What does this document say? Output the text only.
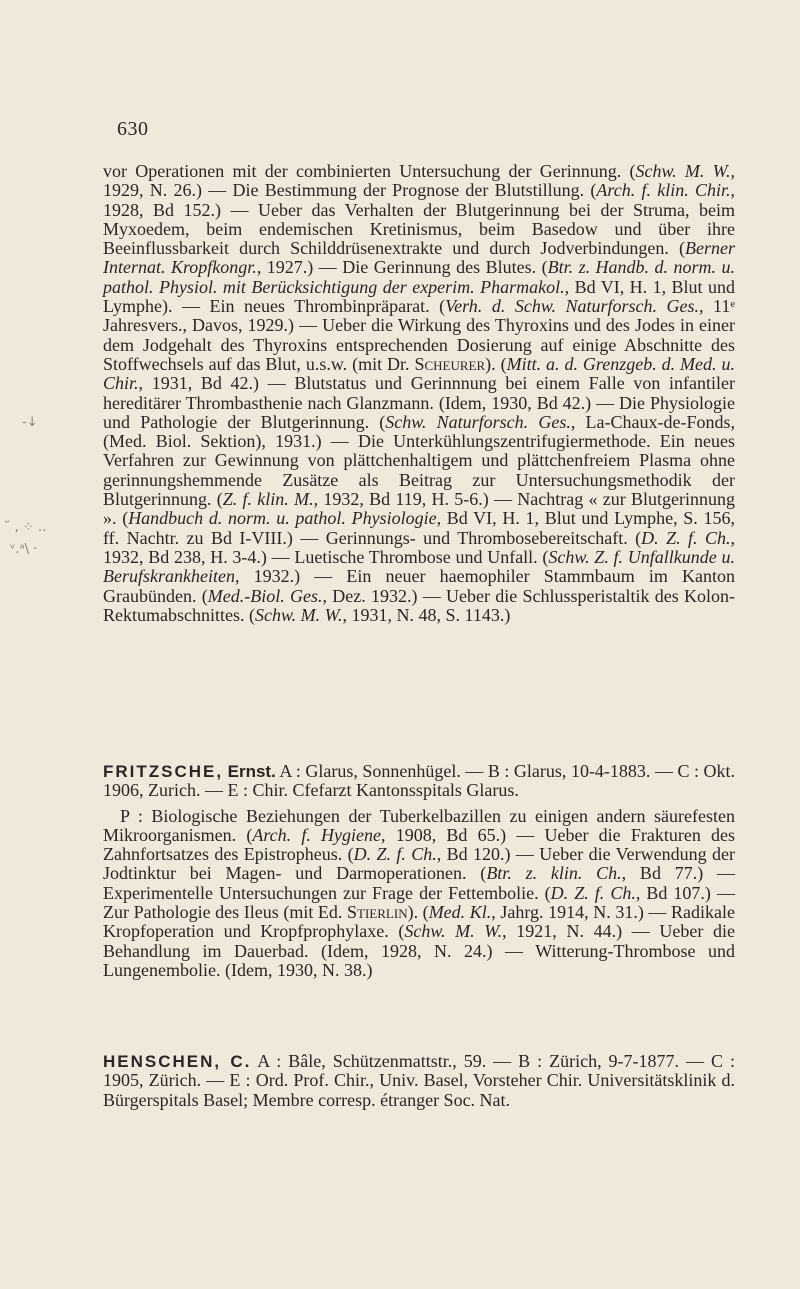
630
-↓
˘ , ⁘ ‥
ᵛ.ᵃ\ ·

vor Operationen mit der combinierten Untersuchung der Gerinnung. (Schw. M. W., 1929, N. 26.) — Die Bestimmung der Prognose der Blutstillung. (Arch. f. klin. Chir., 1928, Bd 152.) — Ueber das Verhalten der Blutgerinnung bei der Struma, beim Myxoedem, beim endemischen Kretinismus, beim Basedow und über ihre Beeinflussbarkeit durch Schilddrüsenextrakte und durch Jodverbindungen. (Berner Internat. Kropfkongr., 1927.) — Die Gerinnung des Blutes. (Btr. z. Handb. d. norm. u. pathol. Physiol. mit Berücksichtigung der experim. Pharmakol., Bd VI, H. 1, Blut und Lymphe). — Ein neues Thrombinpräparat. (Verh. d. Schw. Naturforsch. Ges., 11ᵉ Jahresvers., Davos, 1929.) — Ueber die Wirkung des Thyroxins und des Jodes in einer dem Jodgehalt des Thyroxins entsprechenden Dosierung auf einige Abschnitte des Stoffwechsels auf das Blut, u.s.w. (mit Dr. Scheurer). (Mitt. a. d. Grenzgeb. d. Med. u. Chir., 1931, Bd 42.) — Blutstatus und Gerinnnung bei einem Falle von infantiler hereditärer Thrombasthenie nach Glanzmann. (Idem, 1930, Bd 42.) — Die Physiologie und Pathologie der Blutgerinnung. (Schw. Naturforsch. Ges., La-Chaux-de-Fonds, (Med. Biol. Sektion), 1931.) — Die Unterkühlungszentrifugiermethode. Ein neues Verfahren zur Gewinnung von plättchenhaltigem und plättchenfreiem Plasma ohne gerinnungshemmende Zusätze als Beitrag zur Untersuchungsmethodik der Blutgerinnung. (Z. f. klin. M., 1932, Bd 119, H. 5-6.) — Nachtrag « zur Blutgerinnung ». (Handbuch d. norm. u. pathol. Physiologie, Bd VI, H. 1, Blut und Lymphe, S. 156, ff. Nachtr. zu Bd I-VIII.) — Gerinnungs- und Thrombosebereitschaft. (D. Z. f. Ch., 1932, Bd 238, H. 3-4.) — Luetische Thrombose und Unfall. (Schw. Z. f. Unfallkunde u. Berufskrankheiten, 1932.) — Ein neuer haemophiler Stammbaum im Kanton Graubünden. (Med.-Biol. Ges., Dez. 1932.) — Ueber die Schlussperistaltik des Kolon-Rektumabschnittes. (Schw. M. W., 1931, N. 48, S. 1143.)

FRITZSCHE, Ernst. A : Glarus, Sonnenhügel. — B : Glarus, 10-4-1883. — C : Okt. 1906, Zurich. — E : Chir. Cfefarzt Kantonsspitals Glarus.

P : Biologische Beziehungen der Tuberkelbazillen zu einigen andern säurefesten Mikroorganismen. (Arch. f. Hygiene, 1908, Bd 65.) — Ueber die Frakturen des Zahnfortsatzes des Epistropheus. (D. Z. f. Ch., Bd 120.) — Ueber die Verwendung der Jodtinktur bei Magen- und Darmoperationen. (Btr. z. klin. Ch., Bd 77.) — Experimentelle Untersuchungen zur Frage der Fettembolie. (D. Z. f. Ch., Bd 107.) — Zur Pathologie des Ileus (mit Ed. Stierlin). (Med. Kl., Jahrg. 1914, N. 31.) — Radikale Kropfoperation und Kropfprophylaxe. (Schw. M. W., 1921, N. 44.) — Ueber die Behandlung im Dauerbad. (Idem, 1928, N. 24.) — Witterung-Thrombose und Lungenembolie. (Idem, 1930, N. 38.)

HENSCHEN, C. A : Bâle, Schützenmattstr., 59. — B : Zürich, 9-7-1877. — C : 1905, Zürich. — E : Ord. Prof. Chir., Univ. Basel, Vorsteher Chir. Universitätsklinik d. Bürgerspitals Basel; Membre corresp. étranger Soc. Nat.
